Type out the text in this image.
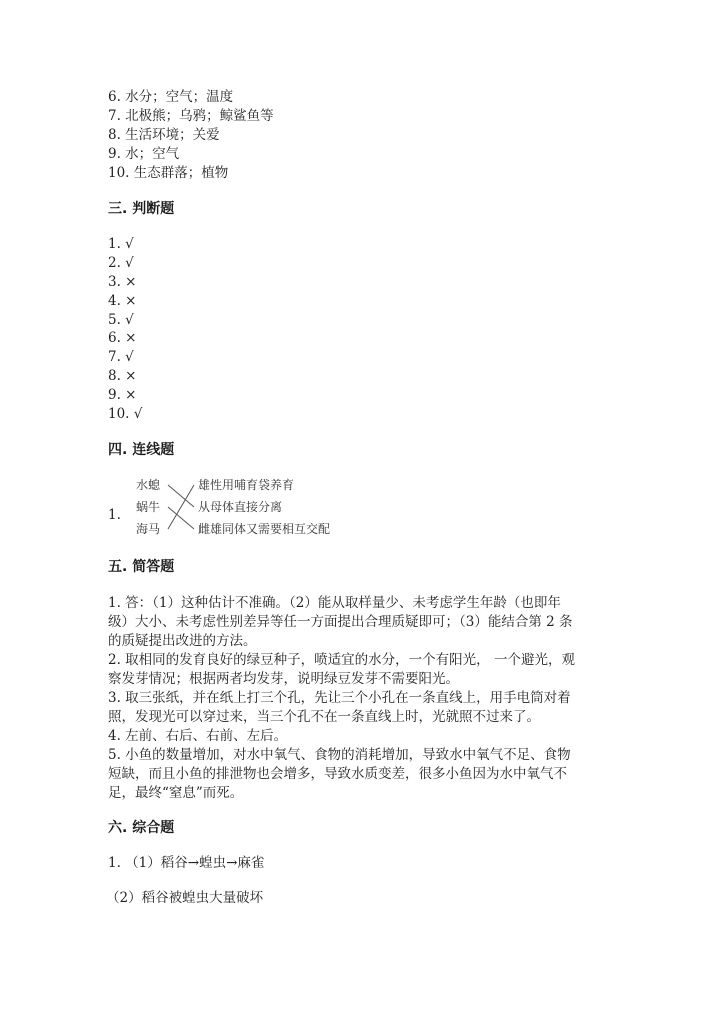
6. 水分；空气；温度
7. 北极熊；乌鸦；鲸鲨鱼等
8. 生活环境；关爱
9. 水；空气
10. 生态群落；植物
三. 判断题
1. √
2. √
3. ×
4. ×
5. √
6. ×
7. √
8. ×
9. ×
10. √
四. 连线题
1.
水螅
蜗牛
海马
雄性用哺育袋养育
从母体直接分离
雌雄同体又需要相互交配
五. 简答题
1. 答：（1）这种估计不准确。（2）能从取样量少、未考虑学生年龄（也即年
级）大小、未考虑性别差异等任一方面提出合理质疑即可；（3）能结合第 2 条
的质疑提出改进的方法。
2. 取相同的发育良好的绿豆种子，喷适宜的水分，一个有阳光， 一个避光，观
察发芽情况；根据两者均发芽，说明绿豆发芽不需要阳光。
3. 取三张纸，并在纸上打三个孔，先让三个小孔在一条直线上，用手电筒对着
照，发现光可以穿过来，当三个孔不在一条直线上时，光就照不过来了。
4. 左前、右后、右前、左后。
5. 小鱼的数量增加，对水中氧气、食物的消耗增加，导致水中氧气不足、食物
短缺，而且小鱼的排泄物也会增多，导致水质变差，很多小鱼因为水中氧气不
足，最终“窒息”而死。
六. 综合题
1. （1）稻谷→蝗虫→麻雀
（2）稻谷被蝗虫大量破坏
